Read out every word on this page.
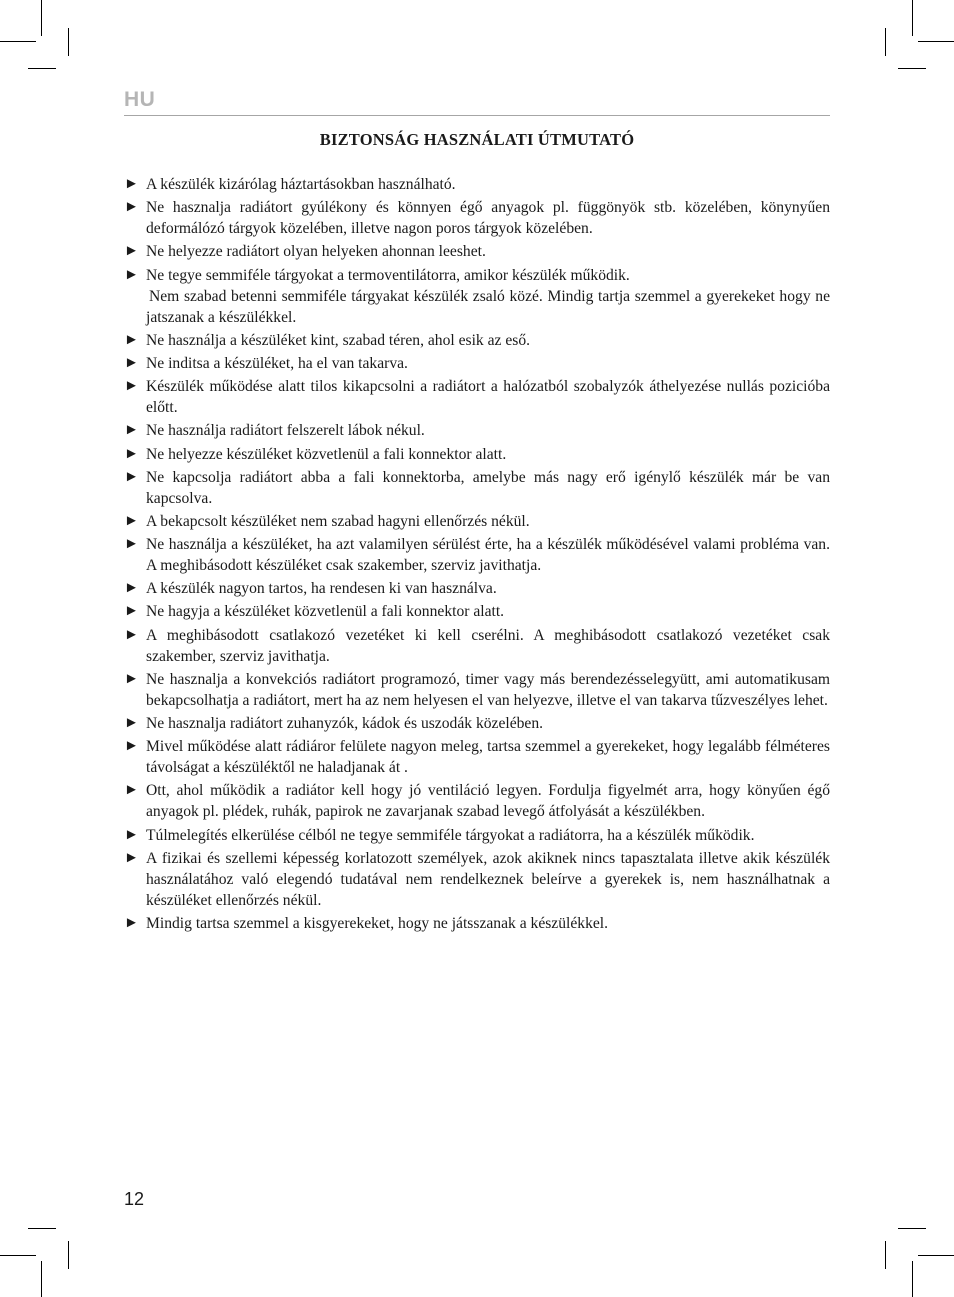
HU
BIZTONSÁG HASZNÁLATI ÚTMUTATÓ
► A készülék kizárólag háztartásokban használható.
► Ne hasznalja radiátort gyúlékony és könnyen égő anyagok pl. függönyök stb. közelében, könynyűen deformálózó tárgyok közelében, illetve nagon poros tárgyok közelében.
► Ne helyezze radiátort olyan helyeken ahonnan leeshet.
► Ne tegye semmiféle tárgyokat a termoventilátorra, amikor készülék működik.
Nem szabad betenni semmiféle tárgyakat készülék zsaló közé. Mindig tartja szemmel a gyerekeket hogy ne jatszanak a készülékkel.
► Ne használja a készüléket kint, szabad téren, ahol esik az eső.
► Ne inditsa a készüléket, ha el van takarva.
► Készülék működése alatt tilos kikapcsolni a radiátort a halózatból szobalyzók áthelyezése nullás pozicióba előtt.
► Ne használja radiátort felszerelt lábok nékul.
► Ne helyezze készüléket közvetlenül a fali konnektor alatt.
► Ne kapcsolja radiátort abba a fali konnektorba, amelybe más nagy erő igénylő készülék már be van kapcsolva.
► A bekapcsolt készüléket nem szabad hagyni ellenőrzés nékül.
► Ne használja a készüléket, ha azt valamilyen sérülést érte, ha a készülék működésével valami probléma van. A meghibásodott készüléket csak szakember, szerviz javithatja.
► A készülék nagyon tartos, ha rendesen ki van használva.
► Ne hagyja a készüléket közvetlenül a fali konnektor alatt.
► A meghibásodott csatlakozó vezetéket ki kell cserélni. A meghibásodott csatlakozó vezetéket csak szakember, szerviz javithatja.
► Ne hasznalja a konvekciós radiátort programozó, timer vagy más berendezésselegyütt, ami automatikusam bekapcsolhatja a radiátort, mert ha az nem helyesen el van helyezve, illetve el van takarva tűzveszélyes lehet.
► Ne hasznalja radiátort zuhanyzók, kádok és uszodák közelében.
► Mivel működése alatt rádiáror felülete nagyon meleg, tartsa szemmel a gyerekeket, hogy legalább félméteres távolságat a készüléktől ne haladjanak át .
► Ott, ahol működik a radiátor kell hogy jó ventiláció legyen. Fordulja figyelmét arra, hogy könyűen égő anyagok pl. plédek, ruhák, papirok ne zavarjanak szabad levegő átfolyását a készülékben.
► Túlmelegítés elkerülése célból ne tegye semmiféle tárgyokat a radiátorra, ha a készülék működik.
► A fizikai és szellemi képesség korlatozott személyek, azok akiknek nincs tapasztalata illetve akik készülék használatához való elegendó tudatával nem rendelkeznek beleírve a gyerekek is, nem használhatnak a készüléket ellenőrzés nékül.
► Mindig tartsa szemmel a kisgyerekeket, hogy ne játsszanak a készülékkel.
12
